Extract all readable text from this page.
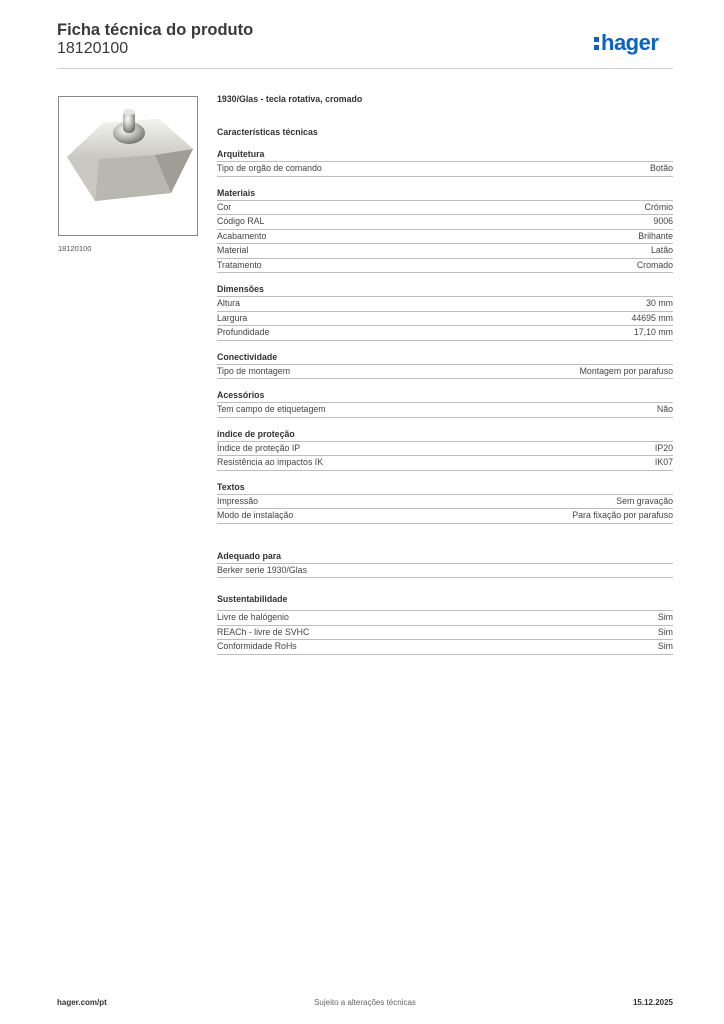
Ficha técnica do produto
18120100	hager
18120100
1930/Glas - tecla rotativa, cromado
Características técnicas
Arquitetura
Tipo de orgão de comando	Botão
Materiais
Cor	Crómio
Código RAL	9006
Acabamento	Brilhante
Material	Latão
Tratamento	Cromado
Dimensões
Altura	30 mm
Largura	44695 mm
Profundidade	17,10 mm
Conectividade
Tipo de montagem	Montagem por parafuso
Acessórios
Tem campo de etiquetagem	Não
índice de proteção
Índice de proteção IP	IP20
Resistência ao impactos IK	IK07
Textos
Impressão	Sem gravação
Modo de instalação	Para fixação por parafuso
Adequado para
Berker serie 1930/Glas
Sustentabilidade
Livre de halógenio	Sim
REACh - livre de SVHC	Sim
Conformidade RoHs	Sim
Sujeito a alterações técnicas
hager.com/pt	15.12.2025
